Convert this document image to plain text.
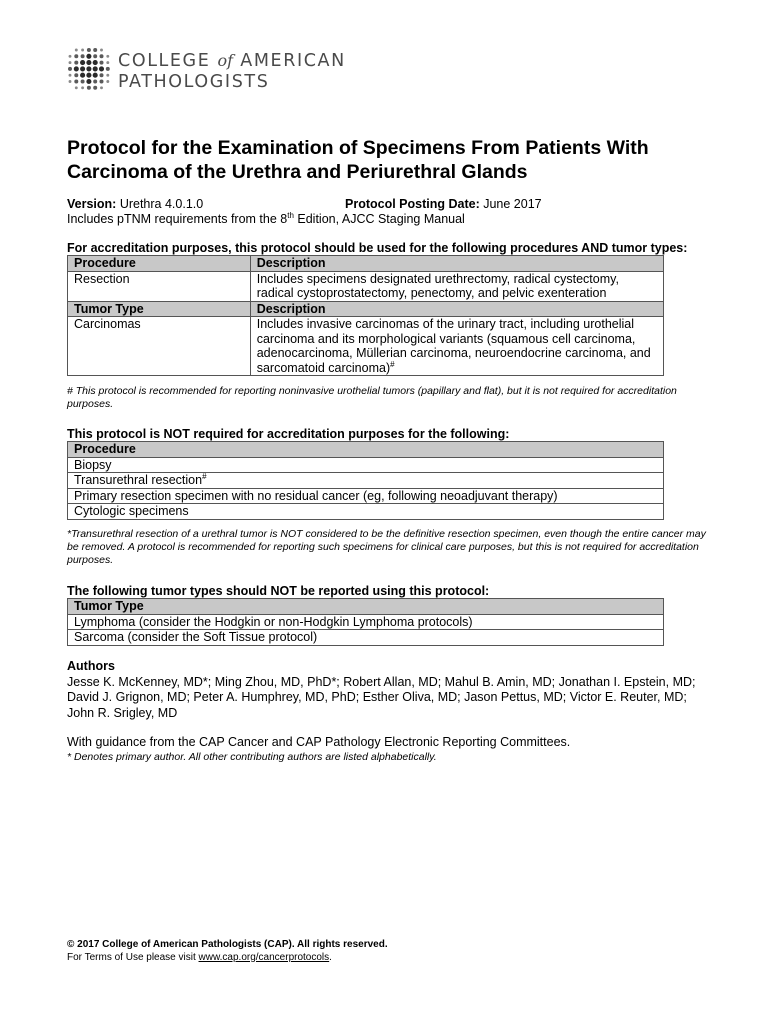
COLLEGE of AMERICAN
PATHOLOGISTS
Protocol for the Examination of Specimens From Patients With Carcinoma of the Urethra and Periurethral Glands
Version: Urethra 4.0.1.0	Protocol Posting Date: June 2017
Includes pTNM requirements from the 8th Edition, AJCC Staging Manual
For accreditation purposes, this protocol should be used for the following procedures AND tumor types:
Procedure	Description
Resection	Includes specimens designated urethrectomy, radical cystectomy, radical cystoprostatectomy, penectomy, and pelvic exenteration
Tumor Type	Description
Carcinomas	Includes invasive carcinomas of the urinary tract, including urothelial carcinoma and its morphological variants (squamous cell carcinoma, adenocarcinoma, Müllerian carcinoma, neuroendocrine carcinoma, and sarcomatoid carcinoma)#
# This protocol is recommended for reporting noninvasive urothelial tumors (papillary and flat), but it is not required for accreditation purposes.
This protocol is NOT required for accreditation purposes for the following:
Procedure
Biopsy
Transurethral resection#
Primary resection specimen with no residual cancer (eg, following neoadjuvant therapy)
Cytologic specimens
*Transurethral resection of a urethral tumor is NOT considered to be the definitive resection specimen, even though the entire cancer may be removed. A protocol is recommended for reporting such specimens for clinical care purposes, but this is not required for accreditation purposes.
The following tumor types should NOT be reported using this protocol:
Tumor Type
Lymphoma (consider the Hodgkin or non-Hodgkin Lymphoma protocols)
Sarcoma (consider the Soft Tissue protocol)
Authors
Jesse K. McKenney, MD*; Ming Zhou, MD, PhD*; Robert Allan, MD; Mahul B. Amin, MD; Jonathan I. Epstein, MD; David J. Grignon, MD; Peter A. Humphrey, MD, PhD; Esther Oliva, MD; Jason Pettus, MD; Victor E. Reuter, MD; John R. Srigley, MD
With guidance from the CAP Cancer and CAP Pathology Electronic Reporting Committees.
* Denotes primary author. All other contributing authors are listed alphabetically.
© 2017 College of American Pathologists (CAP). All rights reserved.
For Terms of Use please visit www.cap.org/cancerprotocols.
